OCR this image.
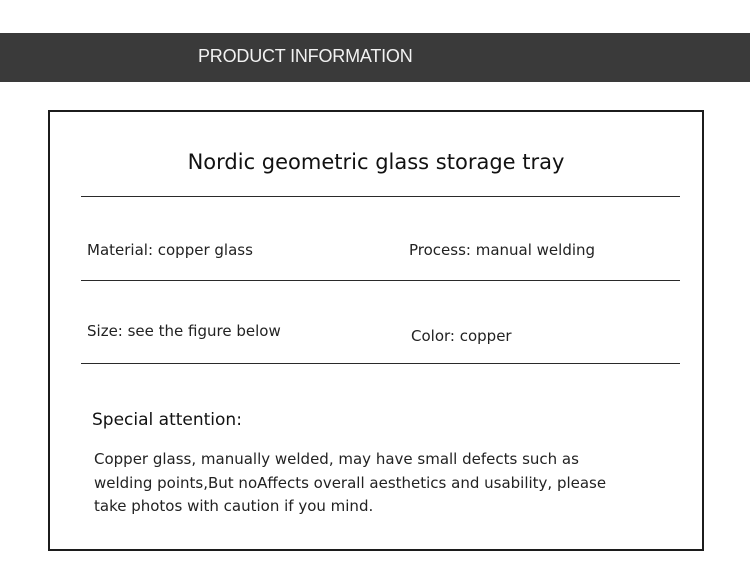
PRODUCT INFORMATION
Nordic geometric glass storage tray
Material: copper glass	Process: manual welding
Size: see the figure below	Color: copper
Special attention:
Copper glass, manually welded, may have small defects such as welding points,But noAffects overall aesthetics and usability, please take photos with caution if you mind.
